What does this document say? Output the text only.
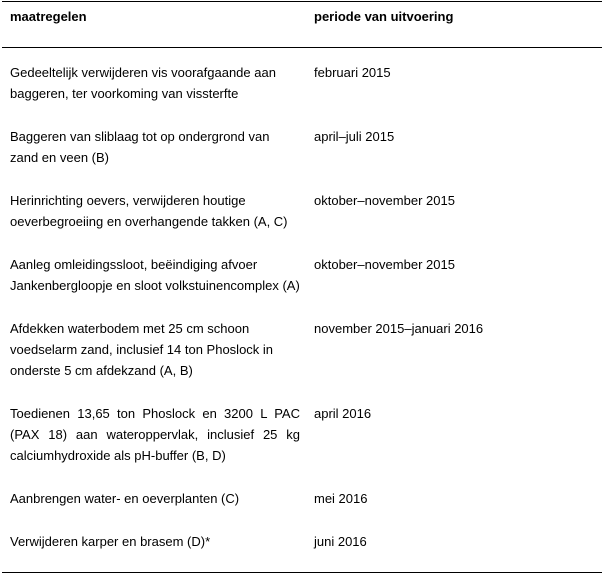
maatregelen	periode van uitvoering
Gedeeltelijk verwijderen vis voorafgaande aan baggeren, ter voorkoming van vissterfte	februari 2015

Baggeren van sliblaag tot op ondergrond van zand en veen (B)	april–juli 2015

Herinrichting oevers, verwijderen houtige oeverbegroeiing en overhangende takken (A, C)	oktober–november 2015

Aanleg omleidingssloot, beëindiging afvoer Jankenbergloopje en sloot volkstuinencomplex (A)	oktober–november 2015

Afdekken waterbodem met 25 cm schoon voedselarm zand, inclusief 14 ton Phoslock in onderste 5 cm afdekzand (A, B)	november 2015–januari 2016

Toedienen 13,65 ton Phoslock en 3200 L PAC (PAX 18) aan wateroppervlak, inclusief 25 kg calciumhydroxide als pH-buffer (B, D)	april 2016

Aanbrengen water- en oeverplanten (C)	mei 2016

Verwijderen karper en brasem (D)*	juni 2016
